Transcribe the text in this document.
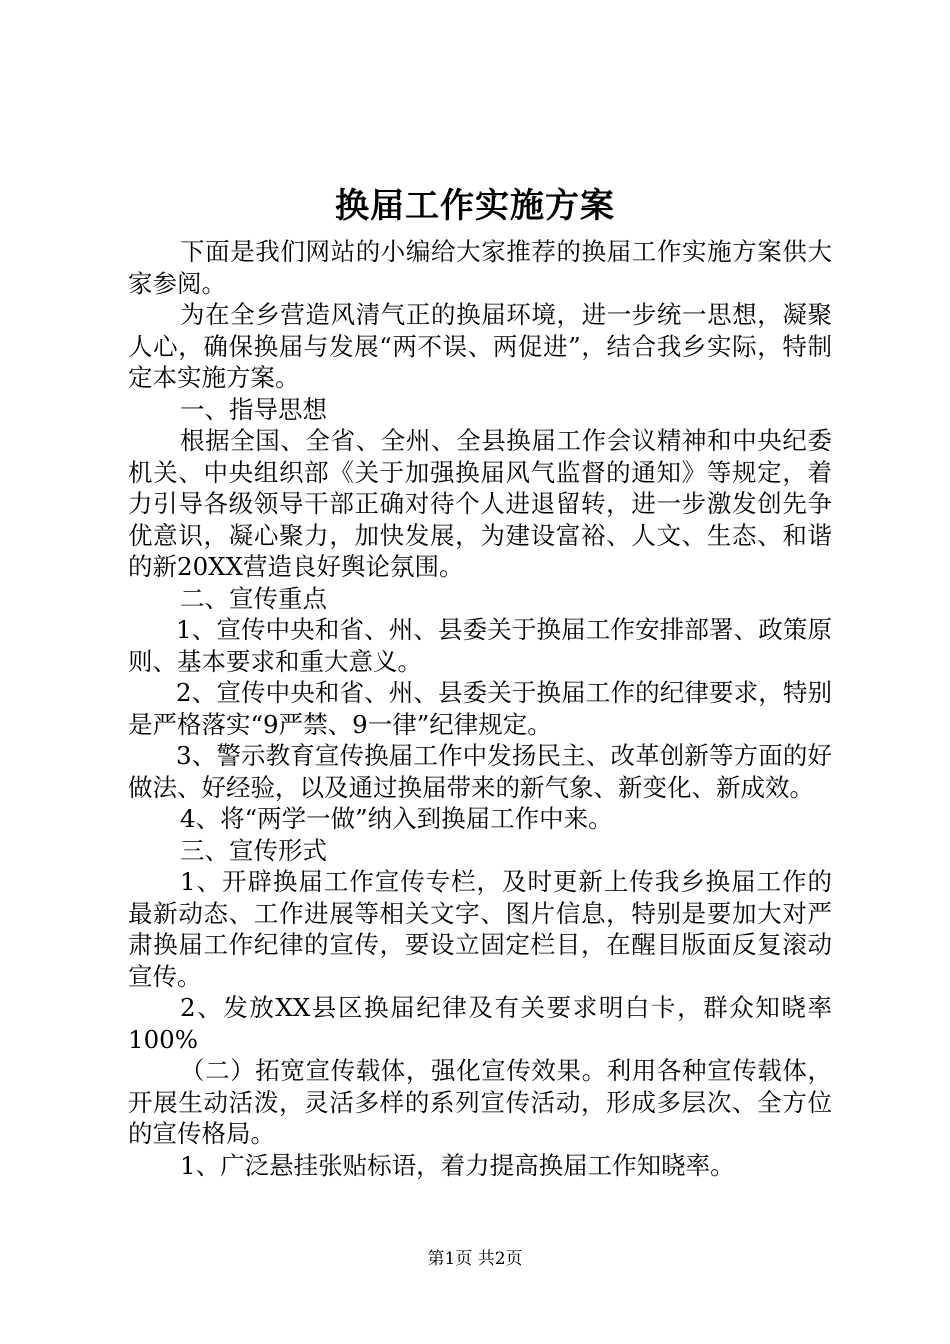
换届工作实施方案

下面是我们网站的小编给大家推荐的换届工作实施方案供大家参阅。

为在全乡营造风清气正的换届环境，进一步统一思想，凝聚人心，确保换届与发展“两不误、两促进”，结合我乡实际，特制定本实施方案。

一、指导思想

根据全国、全省、全州、全县换届工作会议精神和中央纪委机关、中央组织部《关于加强换届风气监督的通知》等规定，着力引导各级领导干部正确对待个人进退留转，进一步激发创先争优意识，凝心聚力，加快发展，为建设富裕、人文、生态、和谐的新20XX营造良好舆论氛围。

二、宣传重点

1、宣传中央和省、州、县委关于换届工作安排部署、政策原则、基本要求和重大意义。

2、宣传中央和省、州、县委关于换届工作的纪律要求，特别是严格落实“9严禁、9一律”纪律规定。

3、警示教育宣传换届工作中发扬民主、改革创新等方面的好做法、好经验，以及通过换届带来的新气象、新变化、新成效。

4、将“两学一做”纳入到换届工作中来。

三、宣传形式

1、开辟换届工作宣传专栏，及时更新上传我乡换届工作的最新动态、工作进展等相关文字、图片信息，特别是要加大对严肃换届工作纪律的宣传，要设立固定栏目，在醒目版面反复滚动宣传。

2、发放XX县区换届纪律及有关要求明白卡，群众知晓率100%

（二）拓宽宣传载体，强化宣传效果。利用各种宣传载体，开展生动活泼，灵活多样的系列宣传活动，形成多层次、全方位的宣传格局。

1、广泛悬挂张贴标语，着力提高换届工作知晓率。

第1页 共2页
